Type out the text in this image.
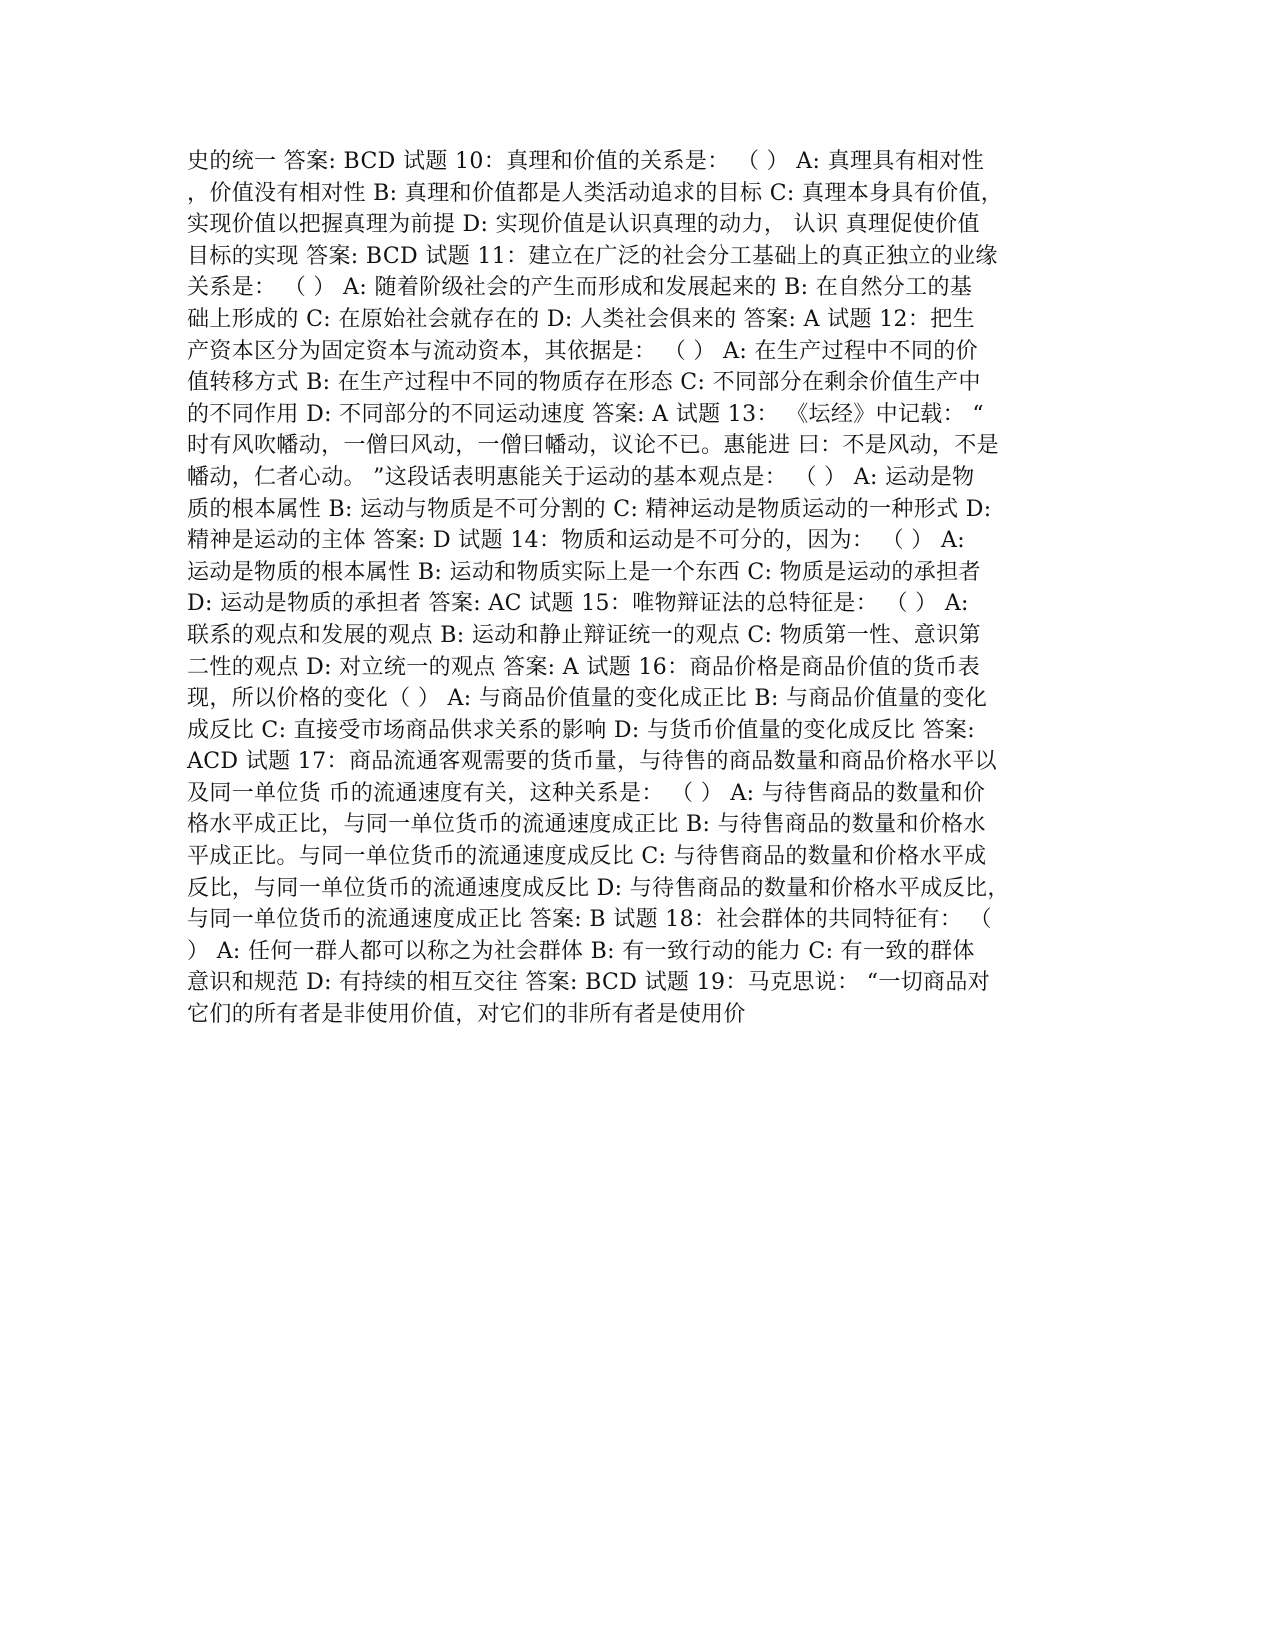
史的统一 答案: BCD 试题 10：真理和价值的关系是： （ ） A: 真理具有相对性
，价值没有相对性 B: 真理和价值都是人类活动追求的目标 C: 真理本身具有价值，
实现价值以把握真理为前提 D: 实现价值是认识真理的动力， 认识 真理促使价值
目标的实现 答案: BCD 试题 11：建立在广泛的社会分工基础上的真正独立的业缘
关系是： （ ） A: 随着阶级社会的产生而形成和发展起来的 B: 在自然分工的基
础上形成的 C: 在原始社会就存在的 D: 人类社会俱来的 答案: A 试题 12：把生
产资本区分为固定资本与流动资本，其依据是： （ ） A: 在生产过程中不同的价
值转移方式 B: 在生产过程中不同的物质存在形态 C: 不同部分在剩余价值生产中
的不同作用 D: 不同部分的不同运动速度 答案: A 试题 13： 《坛经》中记载： “
时有风吹幡动，一僧曰风动，一僧曰幡动，议论不已。惠能进 曰：不是风动，不是
幡动，仁者心动。 ”这段话表明惠能关于运动的基本观点是： （ ） A: 运动是物
质的根本属性 B: 运动与物质是不可分割的 C: 精神运动是物质运动的一种形式 D:
精神是运动的主体 答案: D 试题 14：物质和运动是不可分的，因为： （ ） A:
运动是物质的根本属性 B: 运动和物质实际上是一个东西 C: 物质是运动的承担者
D: 运动是物质的承担者 答案: AC 试题 15：唯物辩证法的总特征是： （ ） A:
联系的观点和发展的观点 B: 运动和静止辩证统一的观点 C: 物质第一性、意识第
二性的观点 D: 对立统一的观点 答案: A 试题 16：商品价格是商品价值的货币表
现，所以价格的变化（ ） A: 与商品价值量的变化成正比 B: 与商品价值量的变化
成反比 C: 直接受市场商品供求关系的影响 D: 与货币价值量的变化成反比 答案:
ACD 试题 17：商品流通客观需要的货币量，与待售的商品数量和商品价格水平以
及同一单位货 币的流通速度有关，这种关系是： （ ） A: 与待售商品的数量和价
格水平成正比，与同一单位货币的流通速度成正比 B: 与待售商品的数量和价格水
平成正比。与同一单位货币的流通速度成反比 C: 与待售商品的数量和价格水平成
反比，与同一单位货币的流通速度成反比 D: 与待售商品的数量和价格水平成反比，
与同一单位货币的流通速度成正比 答案: B 试题 18：社会群体的共同特征有： （
） A: 任何一群人都可以称之为社会群体 B: 有一致行动的能力 C: 有一致的群体
意识和规范 D: 有持续的相互交往 答案: BCD 试题 19：马克思说： “一切商品对
它们的所有者是非使用价值，对它们的非所有者是使用价
